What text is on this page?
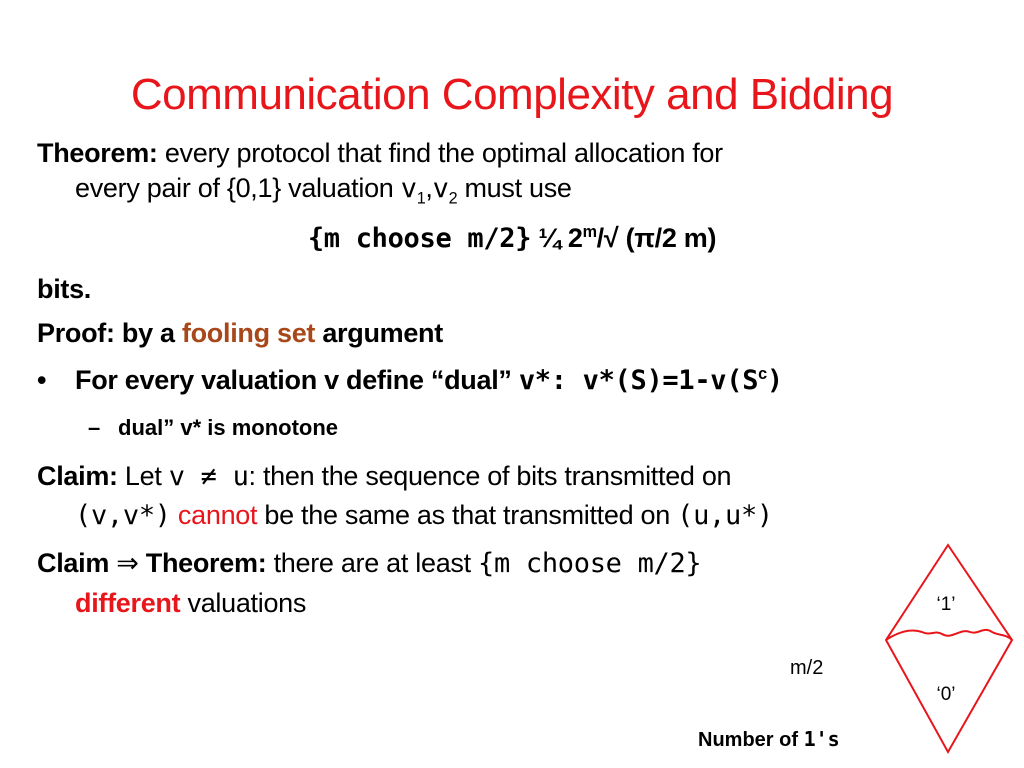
Communication Complexity and Bidding
Theorem: every protocol that find the optimal allocation for
every pair of {0,1} valuation $v_1,v_2$ must use
{m choose m/2} ¼ 2$^m$/√ (π/2 m)
bits.
Proof: by a fooling set argument
• For every valuation v define “dual” v*: $v*(S)=1-v(S^c)$
– dual” v* is monotone
Claim: Let v ≠ u: then the sequence of bits transmitted on
(v,v*) cannot be the same as that transmitted on (u,u*)
Claim ⇒ Theorem: there are at least {m choose m/2}
different valuations	‘1’
‘0’
m/2
Number of 1's
